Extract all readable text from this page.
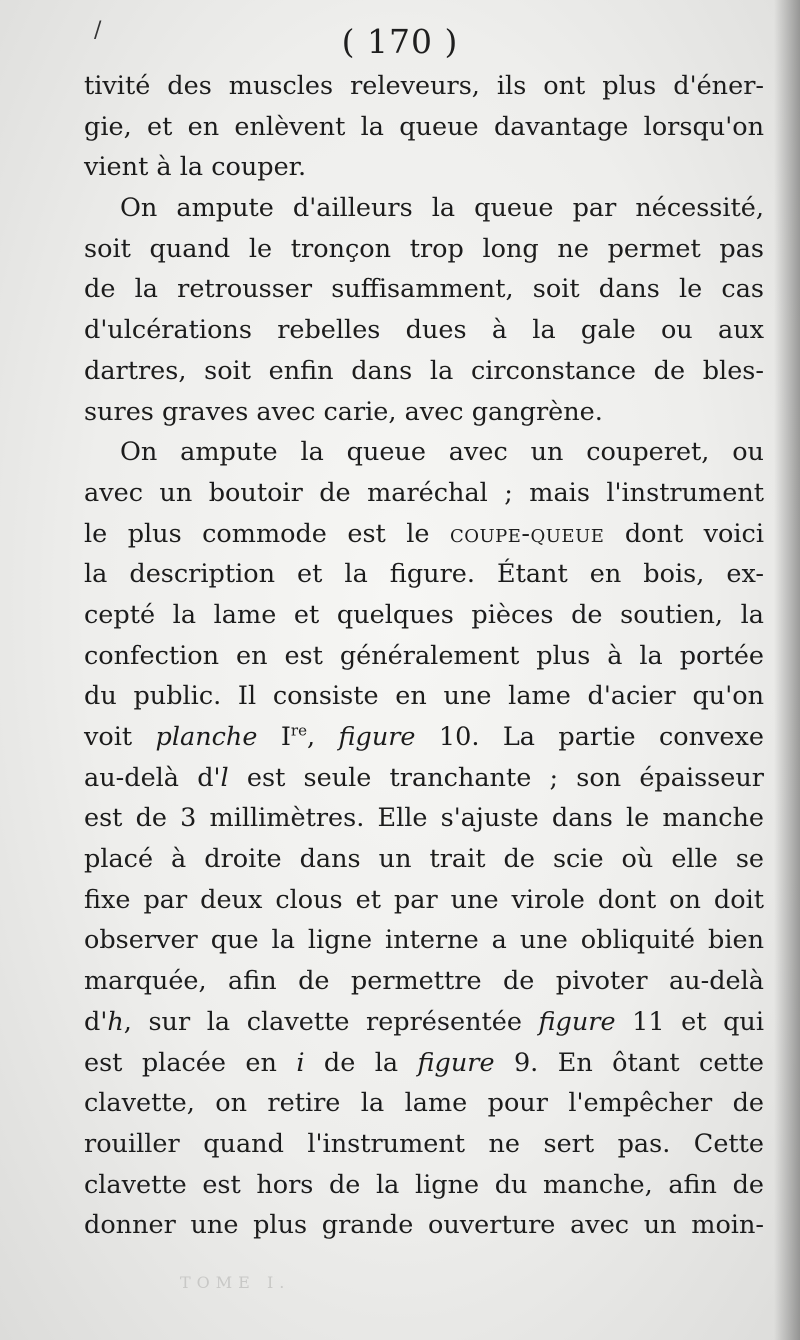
/	( 170 )
tivité des muscles releveurs, ils ont plus d'éner-
gie, et en enlèvent la queue davantage lorsqu'on
vient à la couper.
On ampute d'ailleurs la queue par nécessité,
soit quand le tronçon trop long ne permet pas
de la retrousser suffisamment, soit dans le cas
d'ulcérations rebelles dues à la gale ou aux
dartres, soit enfin dans la circonstance de bles-
sures graves avec carie, avec gangrène.
On ampute la queue avec un couperet, ou
avec un boutoir de maréchal ; mais l'instrument
le plus commode est le coupe-queue dont voici
la description et la figure. Étant en bois, ex-
cepté la lame et quelques pièces de soutien, la
confection en est généralement plus à la portée
du public. Il consiste en une lame d'acier qu'on
voit planche Ire, figure 10. La partie convexe
au-delà d'l est seule tranchante ; son épaisseur
est de 3 millimètres. Elle s'ajuste dans le manche
placé à droite dans un trait de scie où elle se
fixe par deux clous et par une virole dont on doit
observer que la ligne interne a une obliquité bien
marquée, afin de permettre de pivoter au-delà
d'h, sur la clavette représentée figure 11 et qui
est placée en i de la figure 9. En ôtant cette
clavette, on retire la lame pour l'empêcher de
rouiller quand l'instrument ne sert pas. Cette
clavette est hors de la ligne du manche, afin de
donner une plus grande ouverture avec un moin-
TOME I.
